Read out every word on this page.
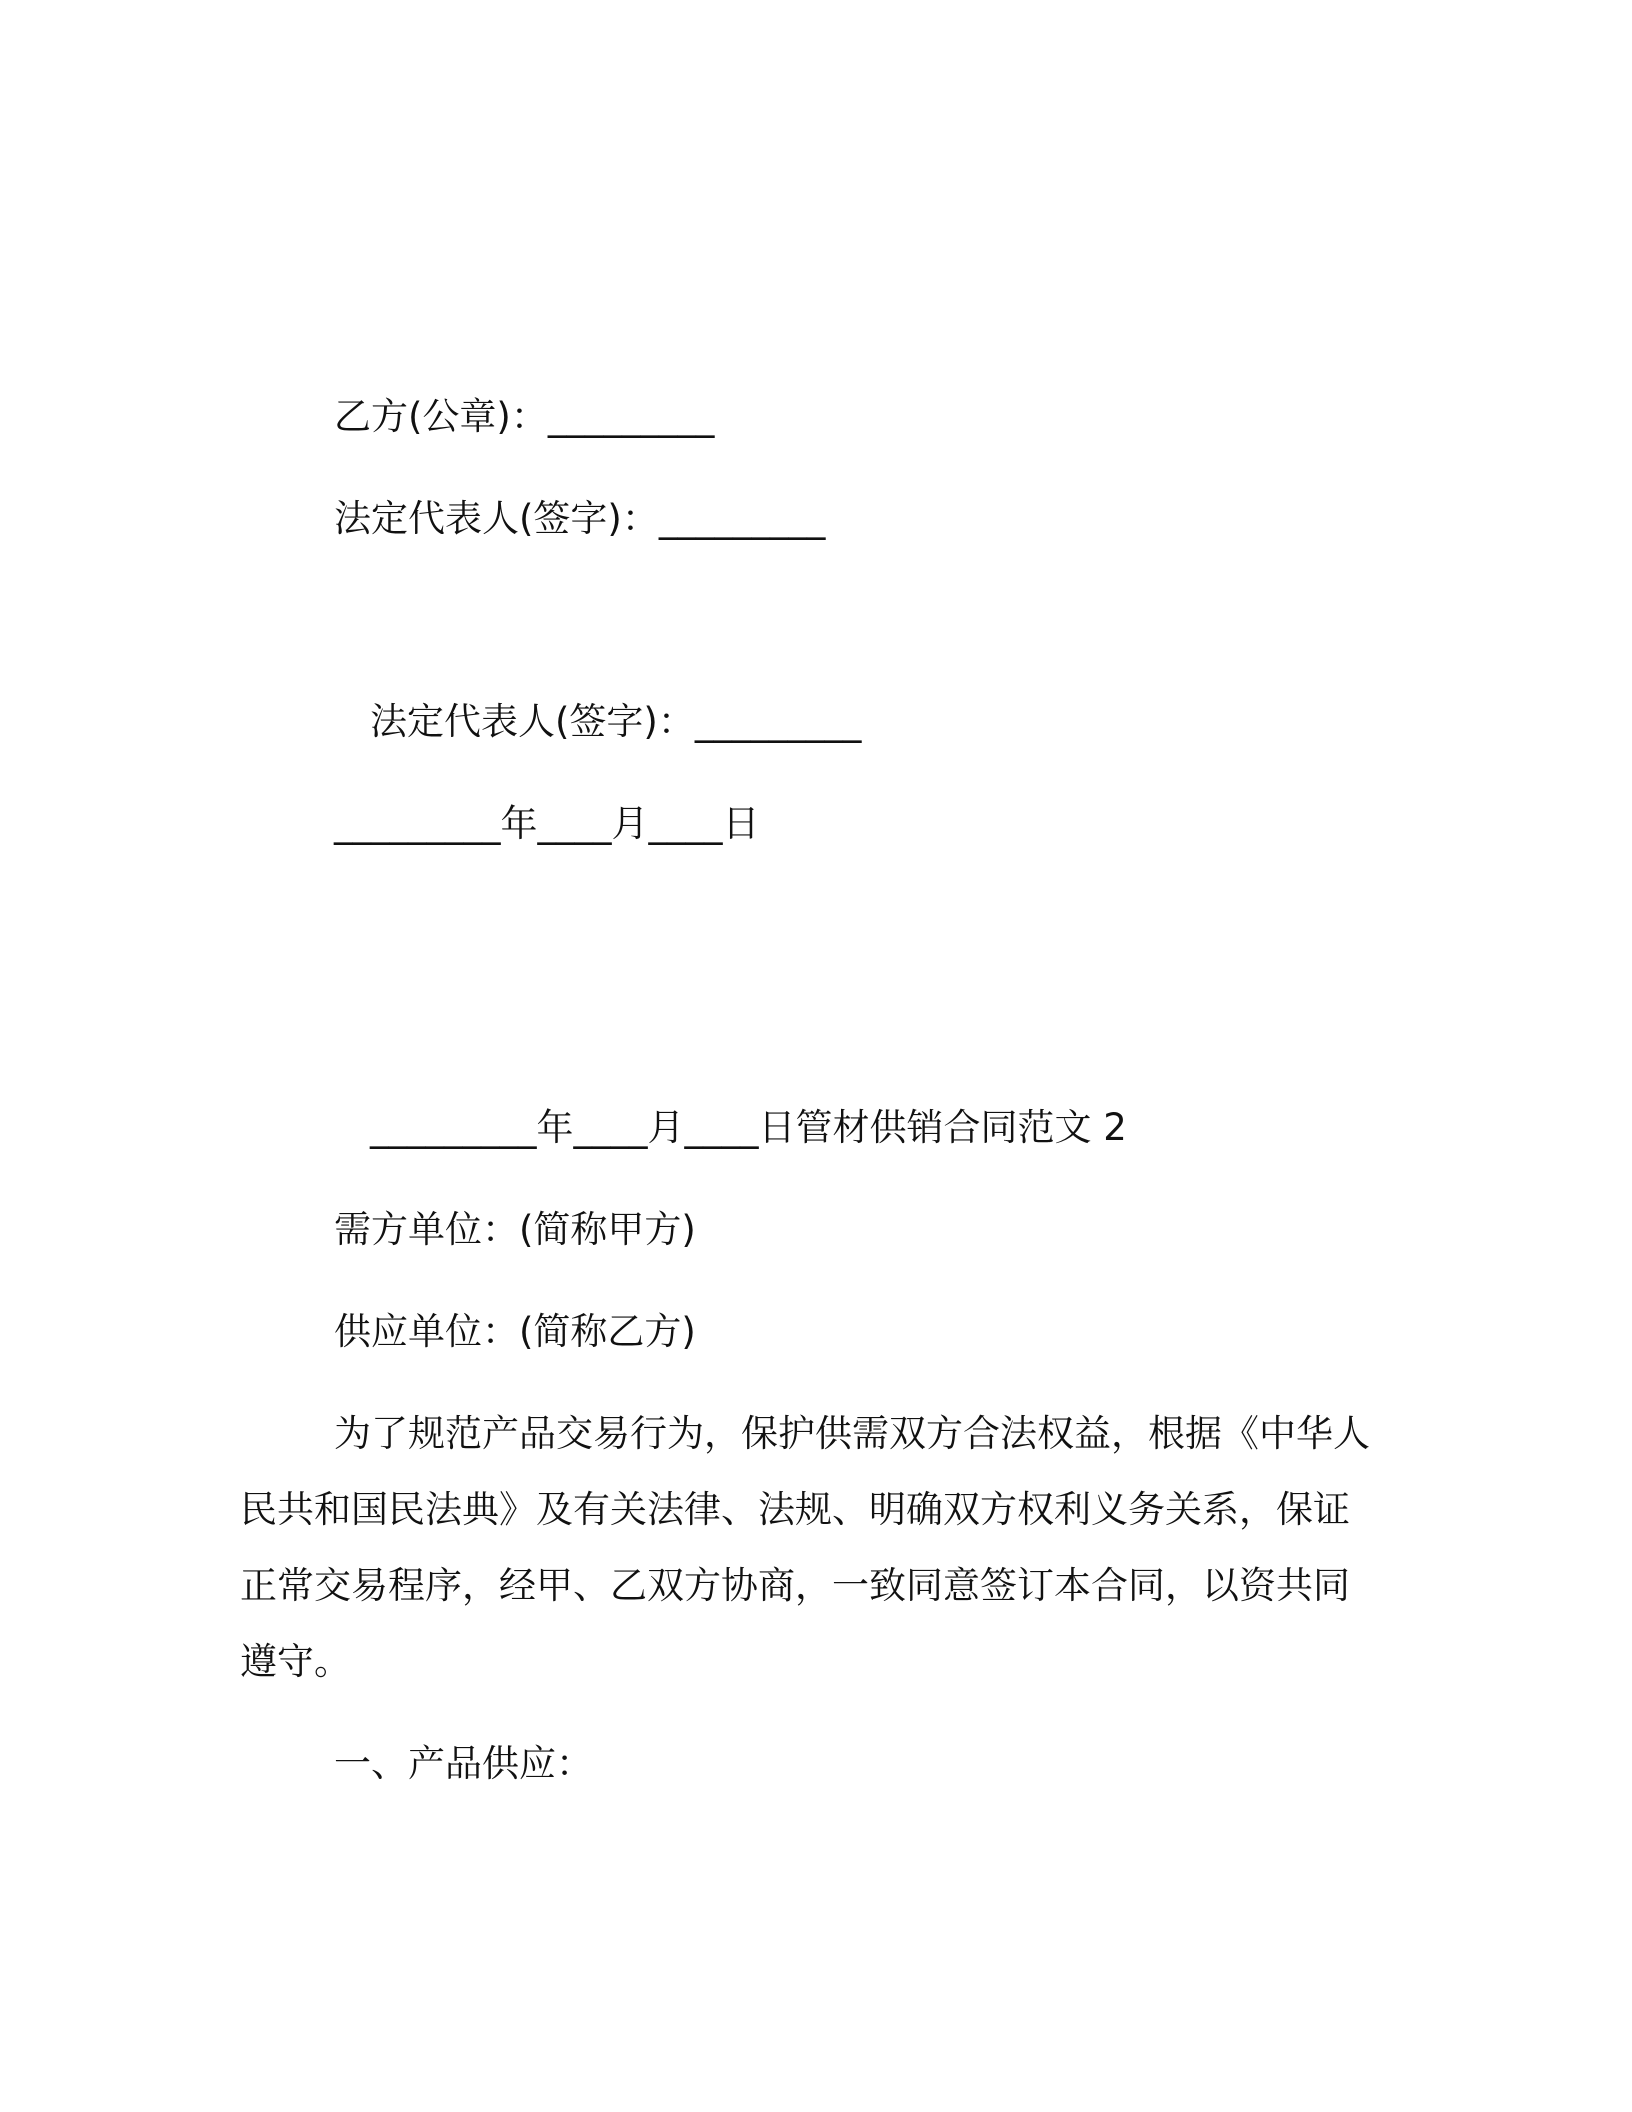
乙方(公章)：_________
法定代表人(签字)：_________
法定代表人(签字)：_________
_________年____月____日
_________年____月____日管材供销合同范文 2
需方单位：(简称甲方)
供应单位：(简称乙方)
为了规范产品交易行为，保护供需双方合法权益，根据《中华人
民共和国民法典》及有关法律、法规、明确双方权利义务关系，保证
正常交易程序，经甲、乙双方协商，一致同意签订本合同，以资共同
遵守。
一、产品供应：
